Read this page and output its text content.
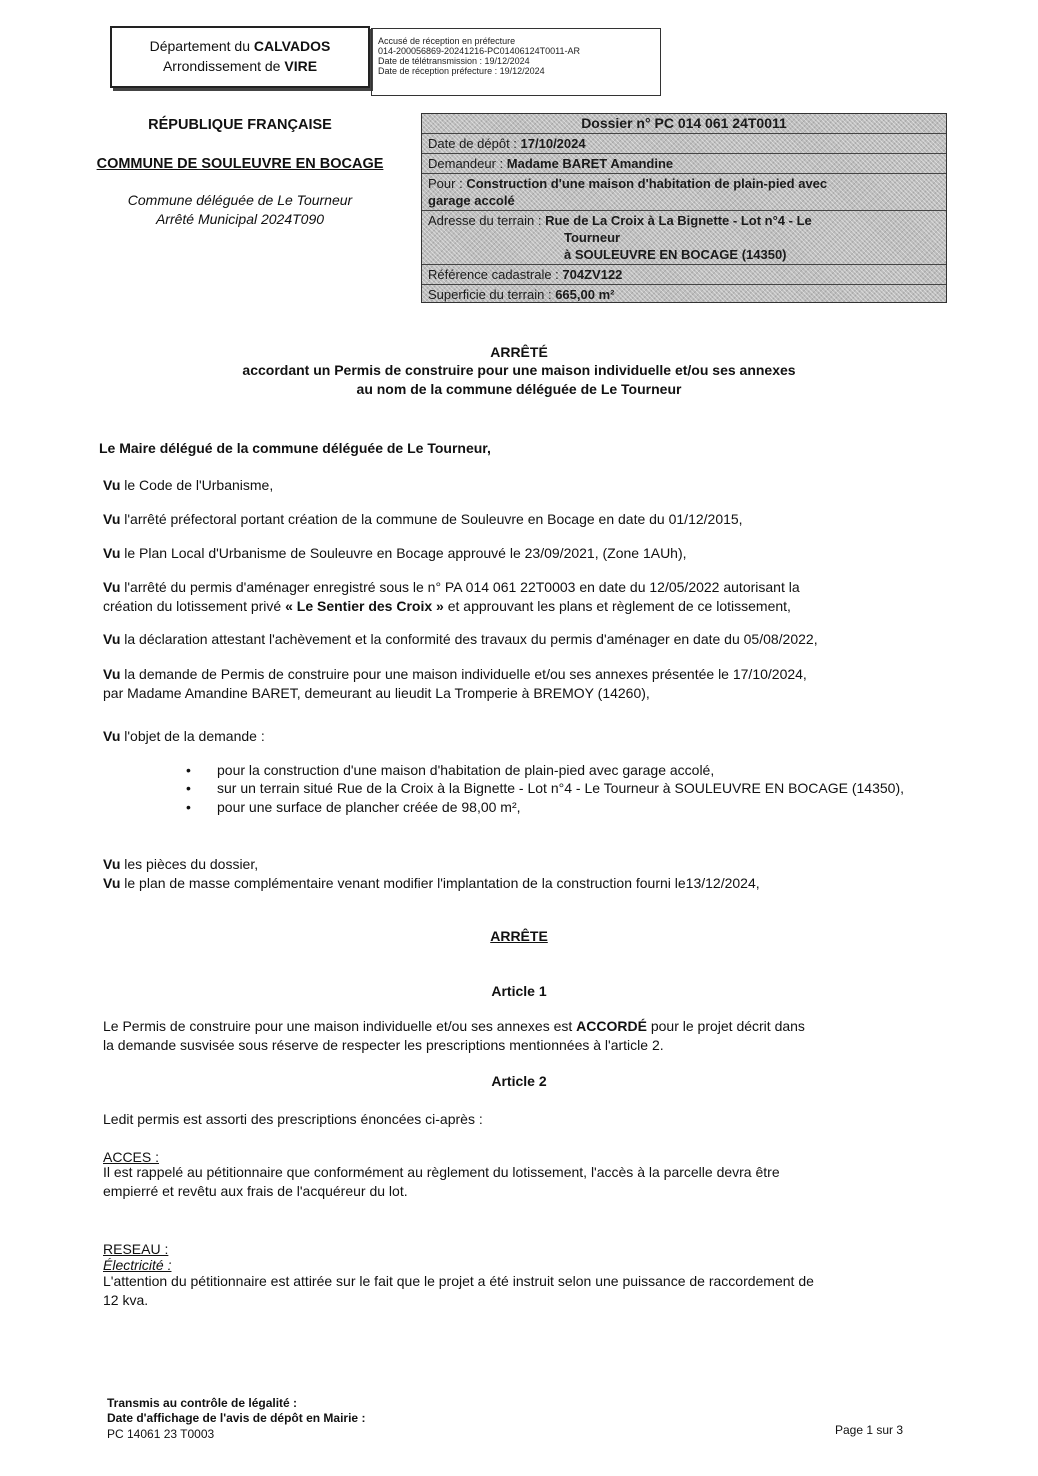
Département du CALVADOS
Arrondissement de VIRE
Accusé de réception en préfecture
014-200056869-20241216-PC01406124T0011-AR
Date de télétransmission : 19/12/2024
Date de réception préfecture : 19/12/2024
RÉPUBLIQUE FRANÇAISE
COMMUNE DE SOULEUVRE EN BOCAGE
Commune déléguée de Le Tourneur
Arrêté Municipal 2024T090
Dossier n° PC 014 061 24T0011
Date de dépôt : 17/10/2024
Demandeur : Madame BARET Amandine
Pour : Construction d'une maison d'habitation de plain-pied avec
garage accolé
Adresse du terrain : Rue de La Croix à La Bignette - Lot n°4 - Le

Tourneur
à SOULEUVRE EN BOCAGE (14350)
Référence cadastrale : 704ZV122
Superficie du terrain : 665,00 m²
ARRÊTÉ
accordant un Permis de construire pour une maison individuelle et/ou ses annexes
au nom de la commune déléguée de Le Tourneur
Le Maire délégué de la commune déléguée de Le Tourneur,
Vu le Code de l'Urbanisme,
Vu l'arrêté préfectoral portant création de la commune de Souleuvre en Bocage en date du 01/12/2015,
Vu le Plan Local d'Urbanisme de Souleuvre en Bocage approuvé le 23/09/2021, (Zone 1AUh),
Vu l'arrêté du permis d'aménager enregistré sous le n° PA 014 061 22T0003 en date du 12/05/2022 autorisant la
création du lotissement privé « Le Sentier des Croix » et approuvant les plans et règlement de ce lotissement,
Vu la déclaration attestant l'achèvement et la conformité des travaux du permis d'aménager en date du 05/08/2022,
Vu la demande de Permis de construire pour une maison individuelle et/ou ses annexes présentée le 17/10/2024,
par Madame Amandine BARET, demeurant au lieudit La Tromperie à BREMOY (14260),
Vu l'objet de la demande :
• pour la construction d'une maison d'habitation de plain-pied avec garage accolé,
• sur un terrain situé Rue de la Croix à la Bignette - Lot n°4 - Le Tourneur à SOULEUVRE EN BOCAGE (14350),
• pour une surface de plancher créée de 98,00 m²,
Vu les pièces du dossier,
Vu le plan de masse complémentaire venant modifier l'implantation de la construction fourni le13/12/2024,
ARRÊTE
Article 1
Le Permis de construire pour une maison individuelle et/ou ses annexes est ACCORDÉ pour le projet décrit dans
la demande susvisée sous réserve de respecter les prescriptions mentionnées à l'article 2.
Article 2
Ledit permis est assorti des prescriptions énoncées ci-après :
ACCES :
Il est rappelé au pétitionnaire que conformément au règlement du lotissement, l'accès à la parcelle devra être
empierré et revêtu aux frais de l'acquéreur du lot.
RESEAU :
Électricité :
L'attention du pétitionnaire est attirée sur le fait que le projet a été instruit selon une puissance de raccordement de
12 kva.
Transmis au contrôle de légalité :
Date d'affichage de l'avis de dépôt en Mairie :
PC 14061 23 T0003	Page 1 sur 3
